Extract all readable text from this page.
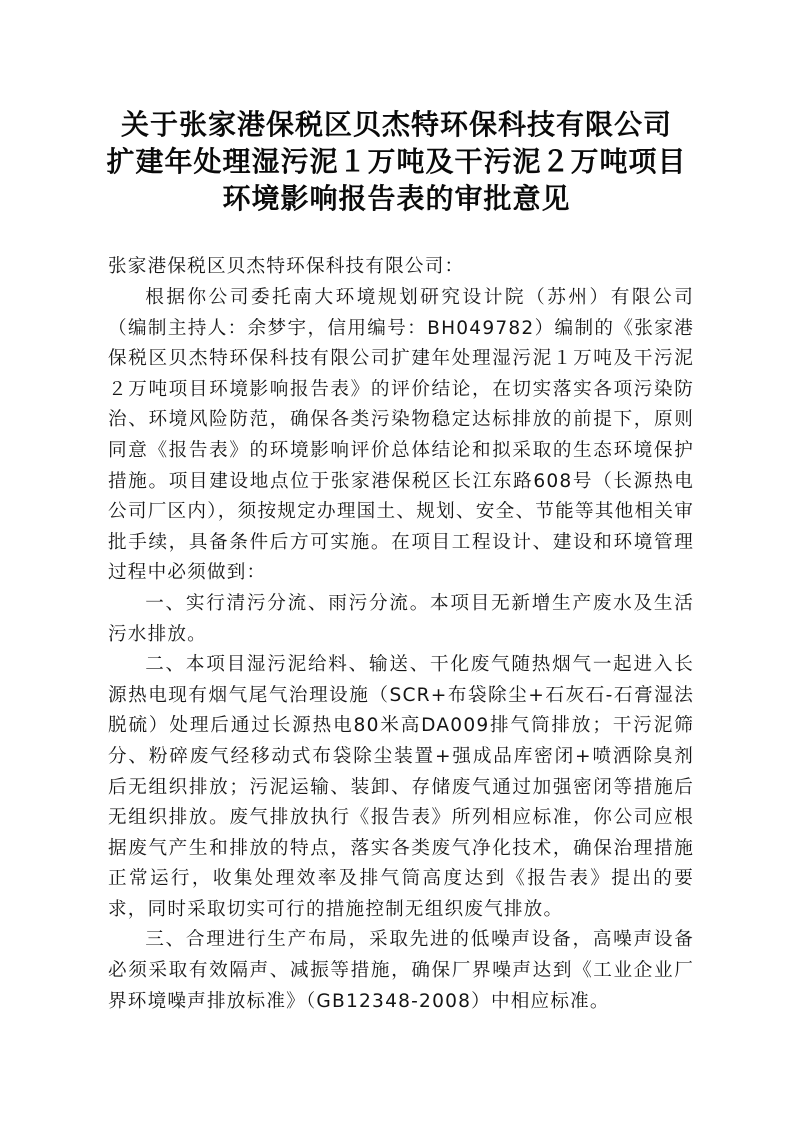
关于张家港保税区贝杰特环保科技有限公司
扩建年处理湿污泥１万吨及干污泥２万吨项目
环境影响报告表的审批意见

张家港保税区贝杰特环保科技有限公司：

根据你公司委托南大环境规划研究设计院（苏州）有限公司（编制主持人：余梦宇，信用编号：BH049782）编制的《张家港保税区贝杰特环保科技有限公司扩建年处理湿污泥１万吨及干污泥２万吨项目环境影响报告表》的评价结论，在切实落实各项污染防治、环境风险防范，确保各类污染物稳定达标排放的前提下，原则同意《报告表》的环境影响评价总体结论和拟采取的生态环境保护措施。项目建设地点位于张家港保税区长江东路608号（长源热电公司厂区内），须按规定办理国土、规划、安全、节能等其他相关审批手续，具备条件后方可实施。在项目工程设计、建设和环境管理过程中必须做到：

一、实行清污分流、雨污分流。本项目无新增生产废水及生活污水排放。

二、本项目湿污泥给料、输送、干化废气随热烟气一起进入长源热电现有烟气尾气治理设施（SCR+布袋除尘+石灰石-石膏湿法脱硫）处理后通过长源热电80米高DA009排气筒排放；干污泥筛分、粉碎废气经移动式布袋除尘装置+强成品库密闭+喷洒除臭剂后无组织排放；污泥运输、装卸、存储废气通过加强密闭等措施后无组织排放。废气排放执行《报告表》所列相应标准，你公司应根据废气产生和排放的特点，落实各类废气净化技术，确保治理措施正常运行，收集处理效率及排气筒高度达到《报告表》提出的要求，同时采取切实可行的措施控制无组织废气排放。

三、合理进行生产布局，采取先进的低噪声设备，高噪声设备必须采取有效隔声、减振等措施，确保厂界噪声达到《工业企业厂界环境噪声排放标准》（GB12348-2008）中相应标准。
